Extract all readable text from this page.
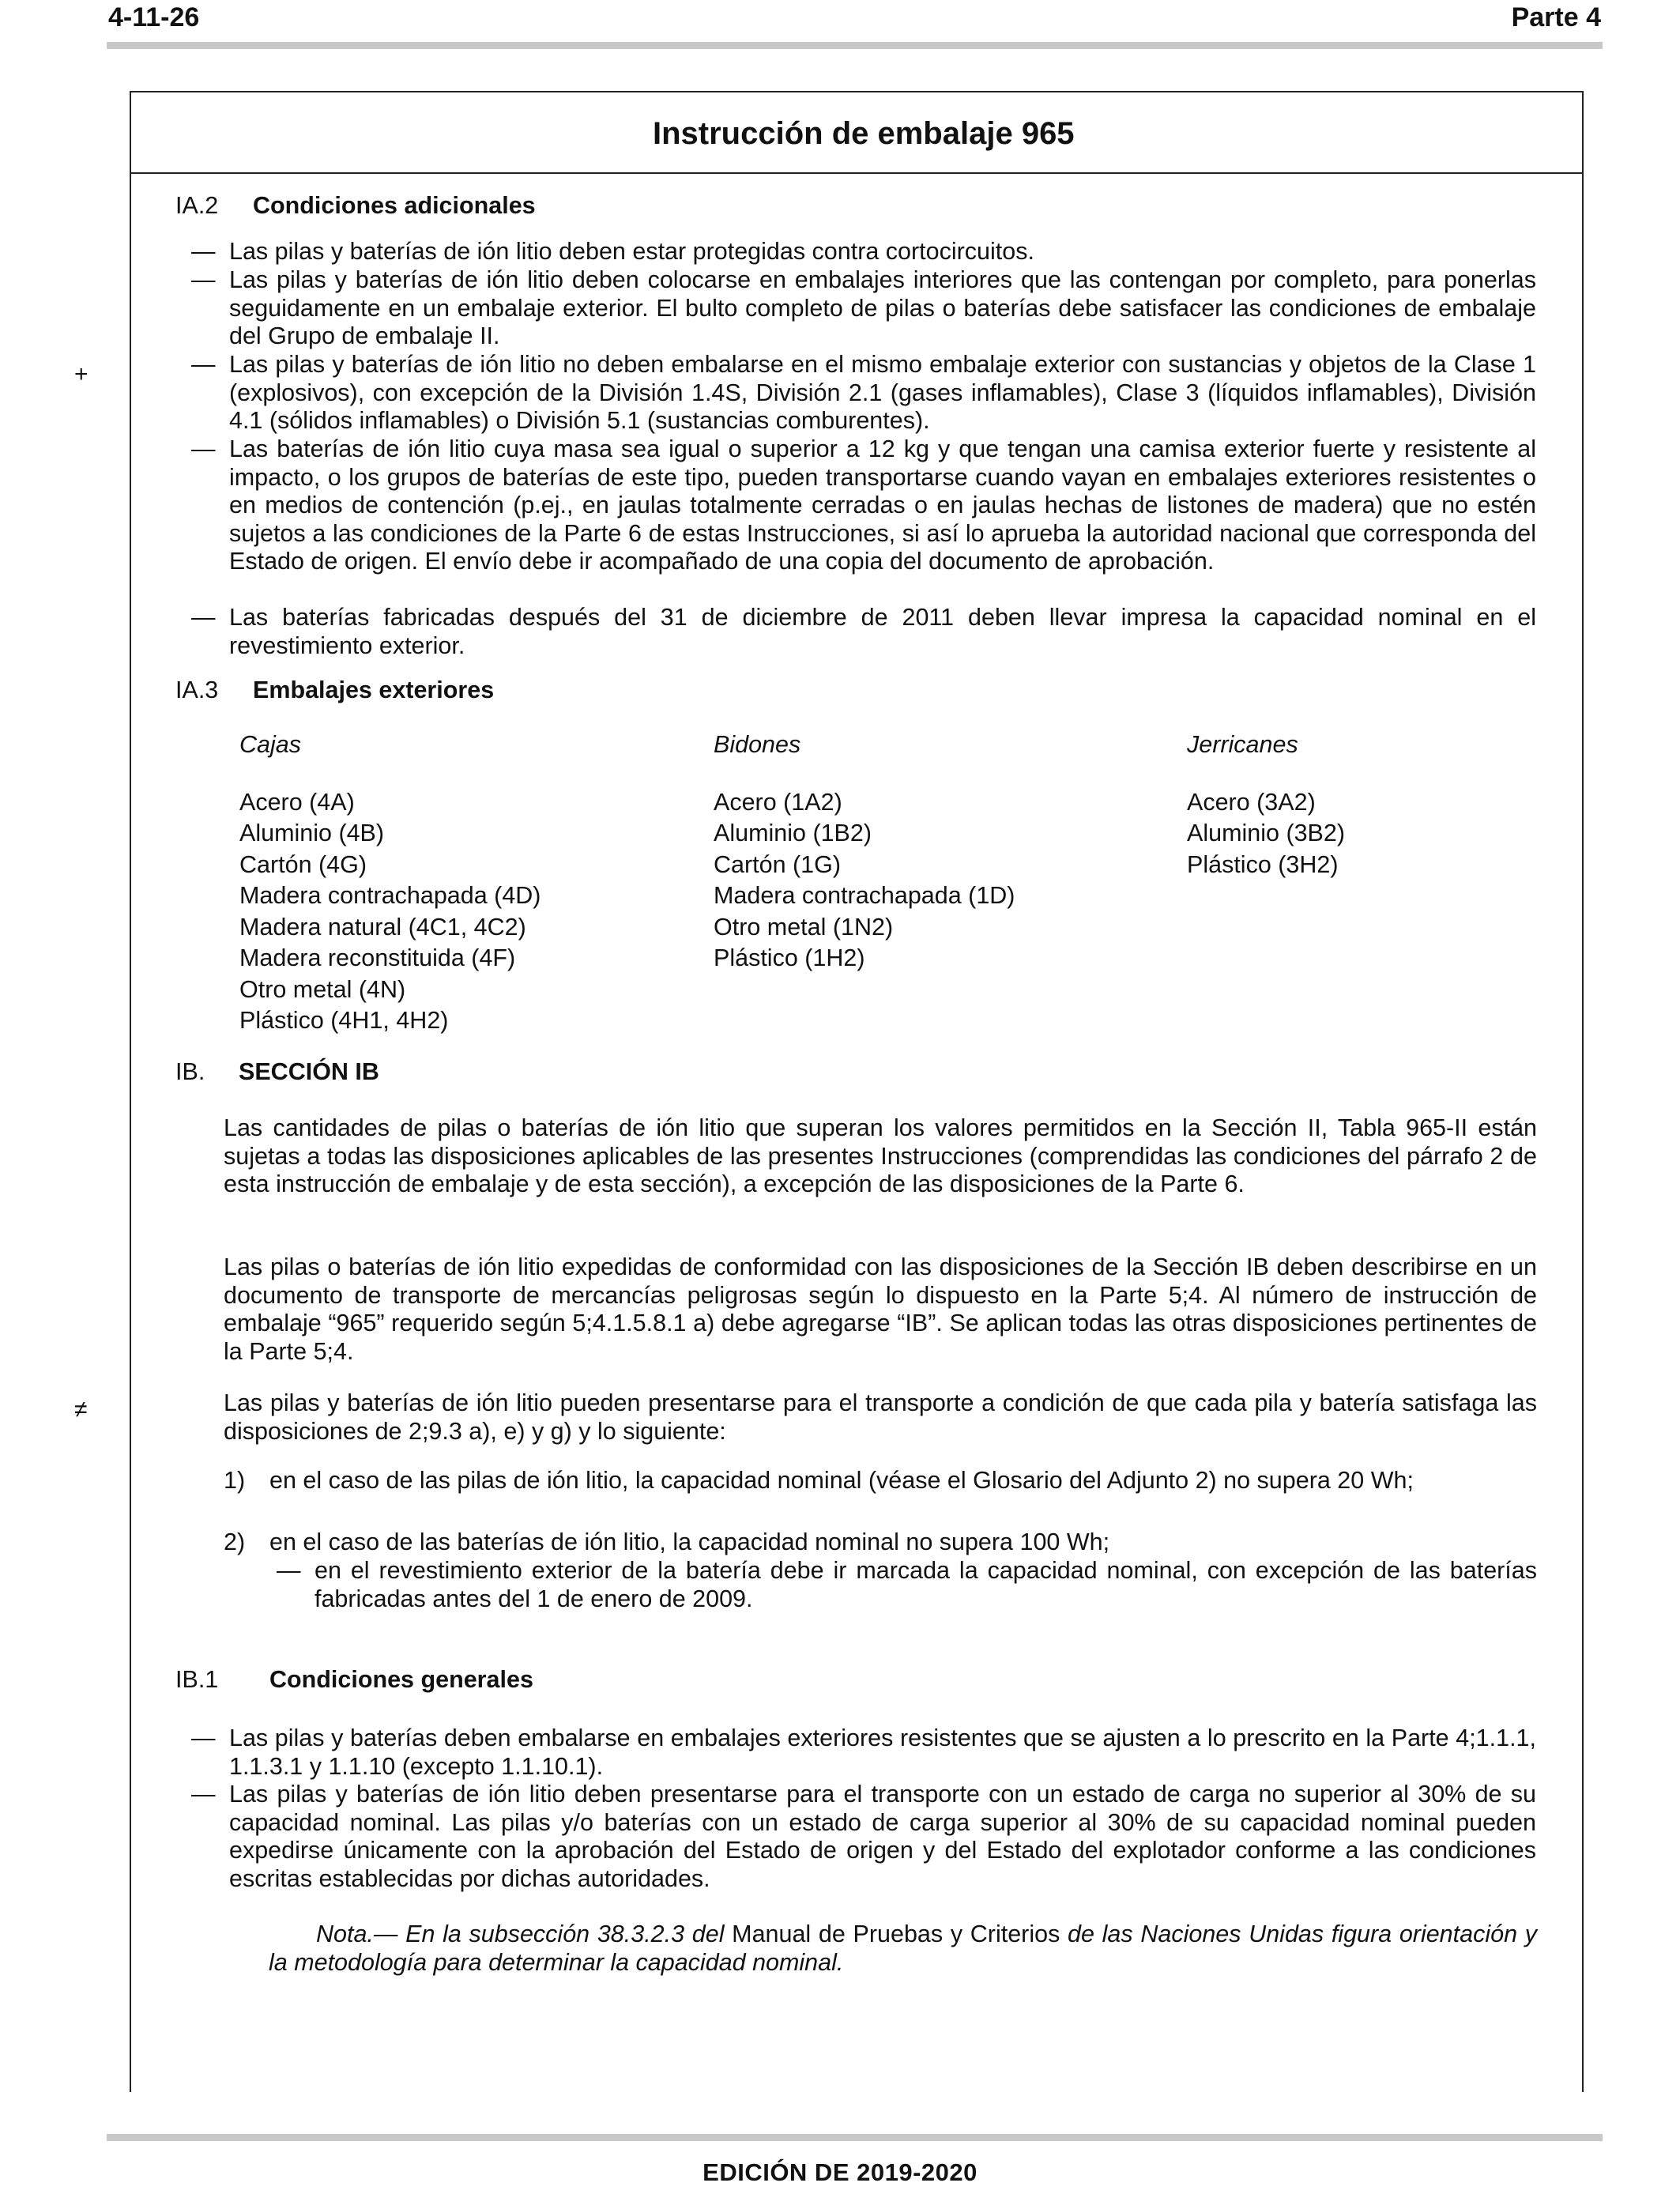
4-11-26	Parte 4
+
≠
Instrucción de embalaje 965
IA.2 Condiciones adicionales
— Las pilas y baterías de ión litio deben estar protegidas contra cortocircuitos.
— Las pilas y baterías de ión litio deben colocarse en embalajes interiores que las contengan por completo, para ponerlas seguidamente en un embalaje exterior. El bulto completo de pilas o baterías debe satisfacer las condiciones de embalaje del Grupo de embalaje II.
— Las pilas y baterías de ión litio no deben embalarse en el mismo embalaje exterior con sustancias y objetos de la Clase 1 (explosivos), con excepción de la División 1.4S, División 2.1 (gases inflamables), Clase 3 (líquidos inflamables), División 4.1 (sólidos inflamables) o División 5.1 (sustancias comburentes).
— Las baterías de ión litio cuya masa sea igual o superior a 12 kg y que tengan una camisa exterior fuerte y resistente al impacto, o los grupos de baterías de este tipo, pueden transportarse cuando vayan en embalajes exteriores resistentes o en medios de contención (p.ej., en jaulas totalmente cerradas o en jaulas hechas de listones de madera) que no estén sujetos a las condiciones de la Parte 6 de estas Instrucciones, si así lo aprueba la autoridad nacional que corresponda del Estado de origen. El envío debe ir acompañado de una copia del documento de aprobación.
— Las baterías fabricadas después del 31 de diciembre de 2011 deben llevar impresa la capacidad nominal en el revestimiento exterior.
IA.3 Embalajes exteriores
Cajas
Acero (4A)
Aluminio (4B)
Cartón (4G)
Madera contrachapada (4D)
Madera natural (4C1, 4C2)
Madera reconstituida (4F)
Otro metal (4N)
Plástico (4H1, 4H2)
Bidones
Acero (1A2)
Aluminio (1B2)
Cartón (1G)
Madera contrachapada (1D)
Otro metal (1N2)
Plástico (1H2)
Jerricanes
Acero (3A2)
Aluminio (3B2)
Plástico (3H2)
IB. SECCIÓN IB
Las cantidades de pilas o baterías de ión litio que superan los valores permitidos en la Sección II, Tabla 965-II están sujetas a todas las disposiciones aplicables de las presentes Instrucciones (comprendidas las condiciones del párrafo 2 de esta instrucción de embalaje y de esta sección), a excepción de las disposiciones de la Parte 6.
Las pilas o baterías de ión litio expedidas de conformidad con las disposiciones de la Sección IB deben describirse en un documento de transporte de mercancías peligrosas según lo dispuesto en la Parte 5;4. Al número de instrucción de embalaje “965” requerido según 5;4.1.5.8.1 a) debe agregarse “IB”. Se aplican todas las otras disposiciones pertinentes de la Parte 5;4.
Las pilas y baterías de ión litio pueden presentarse para el transporte a condición de que cada pila y batería satisfaga las disposiciones de 2;9.3 a), e) y g) y lo siguiente:
1) en el caso de las pilas de ión litio, la capacidad nominal (véase el Glosario del Adjunto 2) no supera 20 Wh;
2) en el caso de las baterías de ión litio, la capacidad nominal no supera 100 Wh;
— en el revestimiento exterior de la batería debe ir marcada la capacidad nominal, con excepción de las baterías fabricadas antes del 1 de enero de 2009.
IB.1 Condiciones generales
— Las pilas y baterías deben embalarse en embalajes exteriores resistentes que se ajusten a lo prescrito en la Parte 4;1.1.1, 1.1.3.1 y 1.1.10 (excepto 1.1.10.1).
— Las pilas y baterías de ión litio deben presentarse para el transporte con un estado de carga no superior al 30% de su capacidad nominal. Las pilas y/o baterías con un estado de carga superior al 30% de su capacidad nominal pueden expedirse únicamente con la aprobación del Estado de origen y del Estado del explotador conforme a las condiciones escritas establecidas por dichas autoridades.
Nota.— En la subsección 38.3.2.3 del Manual de Pruebas y Criterios de las Naciones Unidas figura orientación y la metodología para determinar la capacidad nominal.
EDICIÓN DE 2019-2020
